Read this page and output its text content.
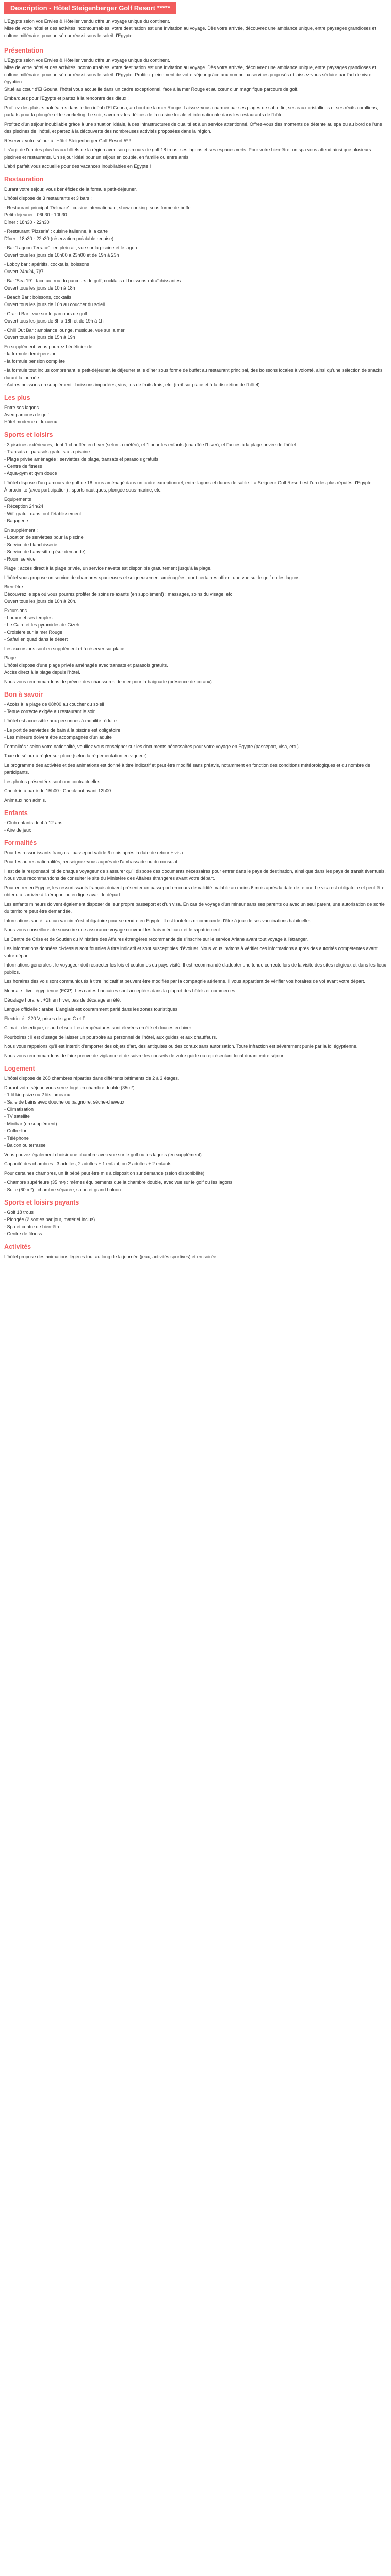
Description - Hôtel Steigenberger Golf Resort *****
L'Egypte selon vos Envies & Hôtelier vendu offre un voyage unique du continent.
Mise de votre hôtel et des activités incontournables, votre destination est une invitation au voyage. Dès votre arrivée, découvrez une ambiance unique, entre paysages grandioses et culture millénaire, pour un séjour réussi sous le soleil d'Egypte.
Présentation
L'Egypte selon vos Envies & Hôtelier vendu offre un voyage unique du continent.
Mise de votre hôtel et des activités incontournables, votre destination est une invitation au voyage. Dès votre arrivée, découvrez une ambiance unique, entre paysages grandioses et culture millénaire, pour un séjour réussi sous le soleil d'Egypte. Profitez pleinement de votre séjour grâce aux nombreux services proposés et laissez-vous séduire par l'art de vivre égyptien.
Situé au cœur d'El Gouna, l'hôtel vous accueille dans un cadre exceptionnel, face à la mer Rouge et au cœur d'un magnifique parcours de golf.
Embarquez pour l'Egypte et partez à la rencontre des dieux !
Profitez des plaisirs balnéaires dans le lieu idéal d'El Gouna, au bord de la mer Rouge. Laissez-vous charmer par ses plages de sable fin, ses eaux cristallines et ses récifs coralliens, parfaits pour la plongée et le snorkeling. Le soir, savourez les délices de la cuisine locale et internationale dans les restaurants de l'hôtel.
Profitez d'un séjour inoubliable grâce à une situation idéale, à des infrastructures de qualité et à un service attentionné. Offrez-vous des moments de détente au spa ou au bord de l'une des piscines de l'hôtel, et partez à la découverte des nombreuses activités proposées dans la région.
Réservez votre séjour à l'Hôtel Steigenberger Golf Resort 5* !
Il s'agit de l'un des plus beaux hôtels de la région avec son parcours de golf 18 trous, ses lagons et ses espaces verts. Pour votre bien-être, un spa vous attend ainsi que plusieurs piscines et restaurants. Un séjour idéal pour un séjour en couple, en famille ou entre amis.
L'abri parfait vous accueille pour des vacances inoubliables en Egypte !
Restauration
Durant votre séjour, vous bénéficiez de la formule petit-déjeuner.
L'hôtel dispose de 3 restaurants et 3 bars :
- Restaurant principal 'Delmare' : cuisine internationale, show cooking, sous forme de buffet
Petit-déjeuner : 06h30 - 10h30
Dîner : 18h30 - 22h30
- Restaurant 'Pizzeria' : cuisine italienne, à la carte
Dîner : 18h30 - 22h30 (réservation préalable requise)
- Bar 'Lagoon Terrace' : en plein air, vue sur la piscine et le lagon
Ouvert tous les jours de 10h00 à 23h00 et de 19h à 23h
- Lobby bar : apéritifs, cocktails, boissons
Ouvert 24h/24, 7j/7
- Bar 'Sea 19' : face au trou du parcours de golf, cocktails et boissons rafraîchissantes
Ouvert tous les jours de 10h à 18h
- Beach Bar : boissons, cocktails
Ouvert tous les jours de 10h au coucher du soleil
- Grand Bar : vue sur le parcours de golf
Ouvert tous les jours de 8h à 18h et de 19h à 1h
- Chill Out Bar : ambiance lounge, musique, vue sur la mer
Ouvert tous les jours de 15h à 19h
En supplément, vous pourrez bénéficier de :
- la formule demi-pension
- la formule pension complète
- la formule tout inclus comprenant le petit-déjeuner, le déjeuner et le dîner sous forme de buffet au restaurant principal, des boissons locales à volonté, ainsi qu'une sélection de snacks durant la journée.
- Autres boissons en supplément : boissons importées, vins, jus de fruits frais, etc. (tarif sur place et à la discrétion de l'hôtel).
Les plus
Entre ses lagons
Avec parcours de golf
Hôtel moderne et luxueux
Sports et loisirs
- 3 piscines extérieures, dont 1 chauffée en hiver (selon la météo), et 1 pour les enfants (chauffée l'hiver), et l'accès à la plage privée de l'hôtel
- Transats et parasols gratuits à la piscine
- Plage privée aménagée : serviettes de plage, transats et parasols gratuits
- Centre de fitness
- Aqua-gym et gym douce
L'hôtel dispose d'un parcours de golf de 18 trous aménagé dans un cadre exceptionnel, entre lagons et dunes de sable. La Seigneur Golf Resort est l'un des plus réputés d'Egypte.
À proximité (avec participation) : sports nautiques, plongée sous-marine, etc.
Equipements
- Réception 24h/24
- Wifi gratuit dans tout l'établissement
- Bagagerie
En supplément :
- Location de serviettes pour la piscine
- Service de blanchisserie
- Service de baby-sitting (sur demande)
- Room service
Plage : accès direct à la plage privée, un service navette est disponible gratuitement jusqu'à la plage.
L'hôtel vous propose un service de chambres spacieuses et soigneusement aménagées, dont certaines offrent une vue sur le golf ou les lagons.
Bien-être
Découvrez le spa où vous pourrez profiter de soins relaxants (en supplément) : massages, soins du visage, etc.
Ouvert tous les jours de 10h à 20h.
Excursions
- Louxor et ses temples
- Le Caire et les pyramides de Gizeh
- Croisière sur la mer Rouge
- Safari en quad dans le désert
Les excursions sont en supplément et à réserver sur place.
Plage
L'hôtel dispose d'une plage privée aménagée avec transats et parasols gratuits.
Accès direct à la plage depuis l'hôtel.
Nous vous recommandons de prévoir des chaussures de mer pour la baignade (présence de coraux).
Bon à savoir
- Accès à la plage de 08h00 au coucher du soleil
- Tenue correcte exigée au restaurant le soir
L'hôtel est accessible aux personnes à mobilité réduite.
- Le port de serviettes de bain à la piscine est obligatoire
- Les mineurs doivent être accompagnés d'un adulte
Formalités : selon votre nationalité, veuillez vous renseigner sur les documents nécessaires pour votre voyage en Egypte (passeport, visa, etc.).
Taxe de séjour à régler sur place (selon la réglementation en vigueur).
Le programme des activités et des animations est donné à titre indicatif et peut être modifié sans préavis, notamment en fonction des conditions météorologiques et du nombre de participants.
Les photos présentées sont non contractuelles.
Check-in à partir de 15h00 - Check-out avant 12h00.
Animaux non admis.
Enfants
- Club enfants de 4 à 12 ans
- Aire de jeux
Formalités
Pour les ressortissants français : passeport valide 6 mois après la date de retour + visa.
Pour les autres nationalités, renseignez-vous auprès de l'ambassade ou du consulat.
Il est de la responsabilité de chaque voyageur de s'assurer qu'il dispose des documents nécessaires pour entrer dans le pays de destination, ainsi que dans les pays de transit éventuels. Nous vous recommandons de consulter le site du Ministère des Affaires étrangères avant votre départ.
Pour entrer en Egypte, les ressortissants français doivent présenter un passeport en cours de validité, valable au moins 6 mois après la date de retour. Le visa est obligatoire et peut être obtenu à l'arrivée à l'aéroport ou en ligne avant le départ.
Les enfants mineurs doivent également disposer de leur propre passeport et d'un visa. En cas de voyage d'un mineur sans ses parents ou avec un seul parent, une autorisation de sortie du territoire peut être demandée.
Informations santé : aucun vaccin n'est obligatoire pour se rendre en Egypte. Il est toutefois recommandé d'être à jour de ses vaccinations habituelles.
Nous vous conseillons de souscrire une assurance voyage couvrant les frais médicaux et le rapatriement.
Le Centre de Crise et de Soutien du Ministère des Affaires étrangères recommande de s'inscrire sur le service Ariane avant tout voyage à l'étranger.
Les informations données ci-dessus sont fournies à titre indicatif et sont susceptibles d'évoluer. Nous vous invitons à vérifier ces informations auprès des autorités compétentes avant votre départ.
Informations générales : le voyageur doit respecter les lois et coutumes du pays visité. Il est recommandé d'adopter une tenue correcte lors de la visite des sites religieux et dans les lieux publics.
Les horaires des vols sont communiqués à titre indicatif et peuvent être modifiés par la compagnie aérienne. Il vous appartient de vérifier vos horaires de vol avant votre départ.
Monnaie : livre égyptienne (EGP). Les cartes bancaires sont acceptées dans la plupart des hôtels et commerces.
Décalage horaire : +1h en hiver, pas de décalage en été.
Langue officielle : arabe. L'anglais est couramment parlé dans les zones touristiques.
Électricité : 220 V, prises de type C et F.
Climat : désertique, chaud et sec. Les températures sont élevées en été et douces en hiver.
Pourboires : il est d'usage de laisser un pourboire au personnel de l'hôtel, aux guides et aux chauffeurs.
Nous vous rappelons qu'il est interdit d'emporter des objets d'art, des antiquités ou des coraux sans autorisation. Toute infraction est sévèrement punie par la loi égyptienne.
Nous vous recommandons de faire preuve de vigilance et de suivre les conseils de votre guide ou représentant local durant votre séjour.
Logement
L'hôtel dispose de 268 chambres réparties dans différents bâtiments de 2 à 3 étages.
Durant votre séjour, vous serez logé en chambre double (35m²) :
- 1 lit king-size ou 2 lits jumeaux
- Salle de bains avec douche ou baignoire, sèche-cheveux
- Climatisation
- TV satellite
- Minibar (en supplément)
- Coffre-fort
- Téléphone
- Balcon ou terrasse
Vous pouvez également choisir une chambre avec vue sur le golf ou les lagons (en supplément).
Capacité des chambres : 3 adultes, 2 adultes + 1 enfant, ou 2 adultes + 2 enfants.
Pour certaines chambres, un lit bébé peut être mis à disposition sur demande (selon disponibilité).
- Chambre supérieure (35 m²) : mêmes équipements que la chambre double, avec vue sur le golf ou les lagons.
- Suite (60 m²) : chambre séparée, salon et grand balcon.
Sports et loisirs payants
- Golf 18 trous
- Plongée (2 sorties par jour, matériel inclus)
- Spa et centre de bien-être
- Centre de fitness
Activités
L'hôtel propose des animations légères tout au long de la journée (jeux, activités sportives) et en soirée.
